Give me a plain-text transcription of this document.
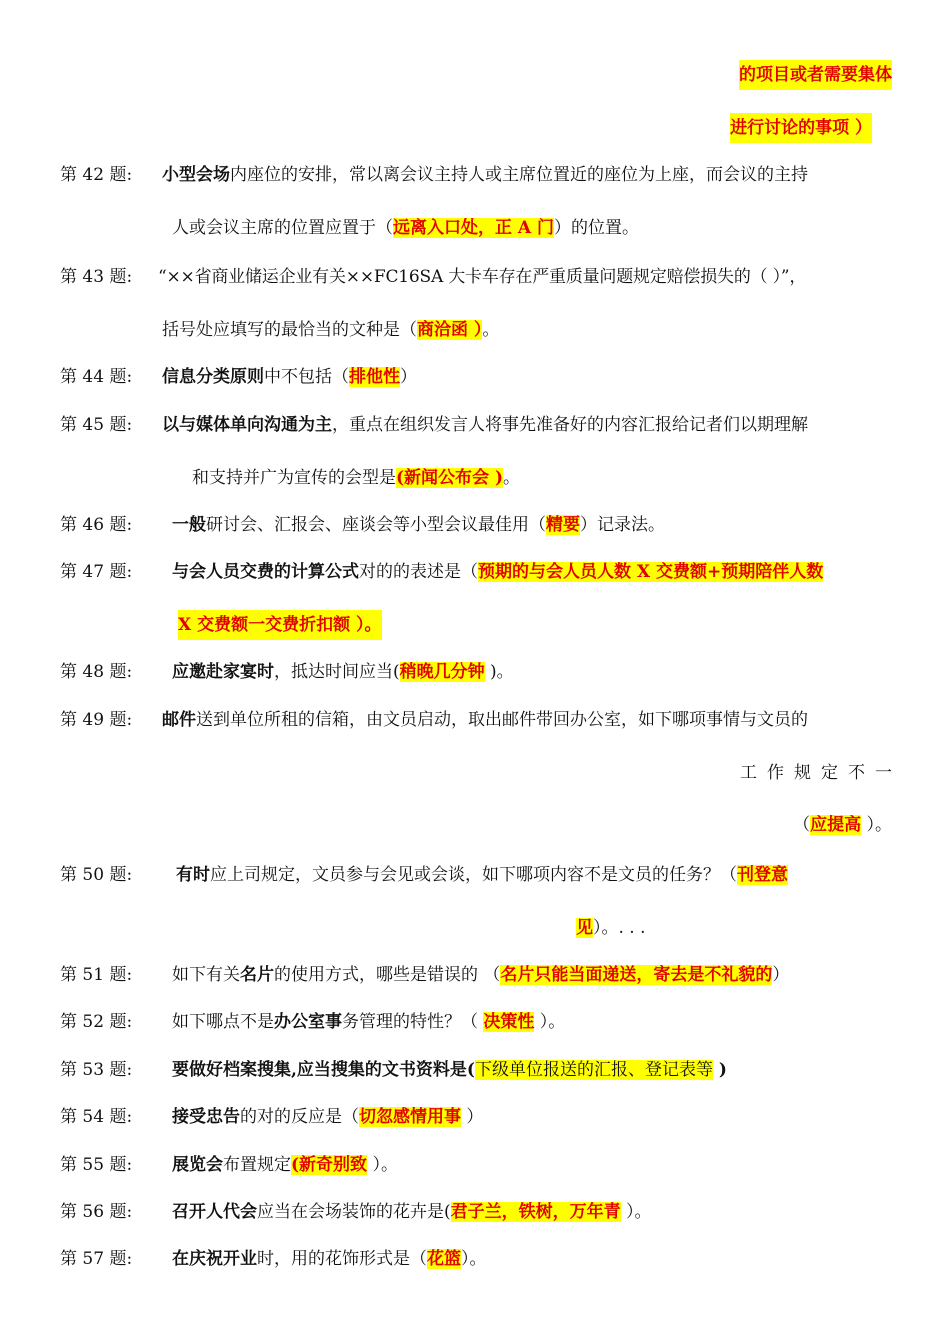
的项目或者需要集体
进行讨论的事项 ）
第 42 题: 小型会场内座位的安排，常以离会议主持人或主席位置近的座位为上座，而会议的主持
人或会议主席的位置应置于（远离入口处，正 A 门）的位置。
第 43 题: “××省商业储运企业有关××FC16SA 大卡车存在严重质量问题规定赔偿损失的（ ）”，
括号处应填写的最恰当的文种是（商洽函 ）。
第 44 题: 信息分类原则中不包括（排他性）
第 45 题: 以与媒体单向沟通为主，重点在组织发言人将事先准备好的内容汇报给记者们以期理解
和支持并广为宣传的会型是(新闻公布会 )。
第 46 题: 一般研讨会、汇报会、座谈会等小型会议最佳用（精要）记录法。
第 47 题: 与会人员交费的计算公式对的的表述是（预期的与会人员人数 X 交费额+预期陪伴人数
X 交费额一交费折扣额 ）。
第 48 题: 应邀赴家宴时，抵达时间应当(稍晚几分钟 )。
第 49 题: 邮件送到单位所租的信箱，由文员启动，取出邮件带回办公室，如下哪项事情与文员的
工作规定不一
（应提高 ）。
第 50 题:	有时应上司规定，文员参与会见或会谈，如下哪项内容不是文员的任务？（刊登意
见）。. . .
第 51 题: 如下有关名片的使用方式，哪些是错误的 （名片只能当面递送，寄去是不礼貌的）
第 52 题: 如下哪点不是办公室事务管理的特性？（ 决策性 ）。
第 53 题: 要做好档案搜集,应当搜集的文书资料是(下级单位报送的汇报、登记表等 )
第 54 题: 接受忠告的对的反应是（切忽感情用事 ）
第 55 题: 展览会布置规定(新奇别致 ）。
第 56 题: 召开人代会应当在会场装饰的花卉是(君子兰，铁树，万年青 ）。
第 57 题: 在庆祝开业时，用的花饰形式是（花篮）。
